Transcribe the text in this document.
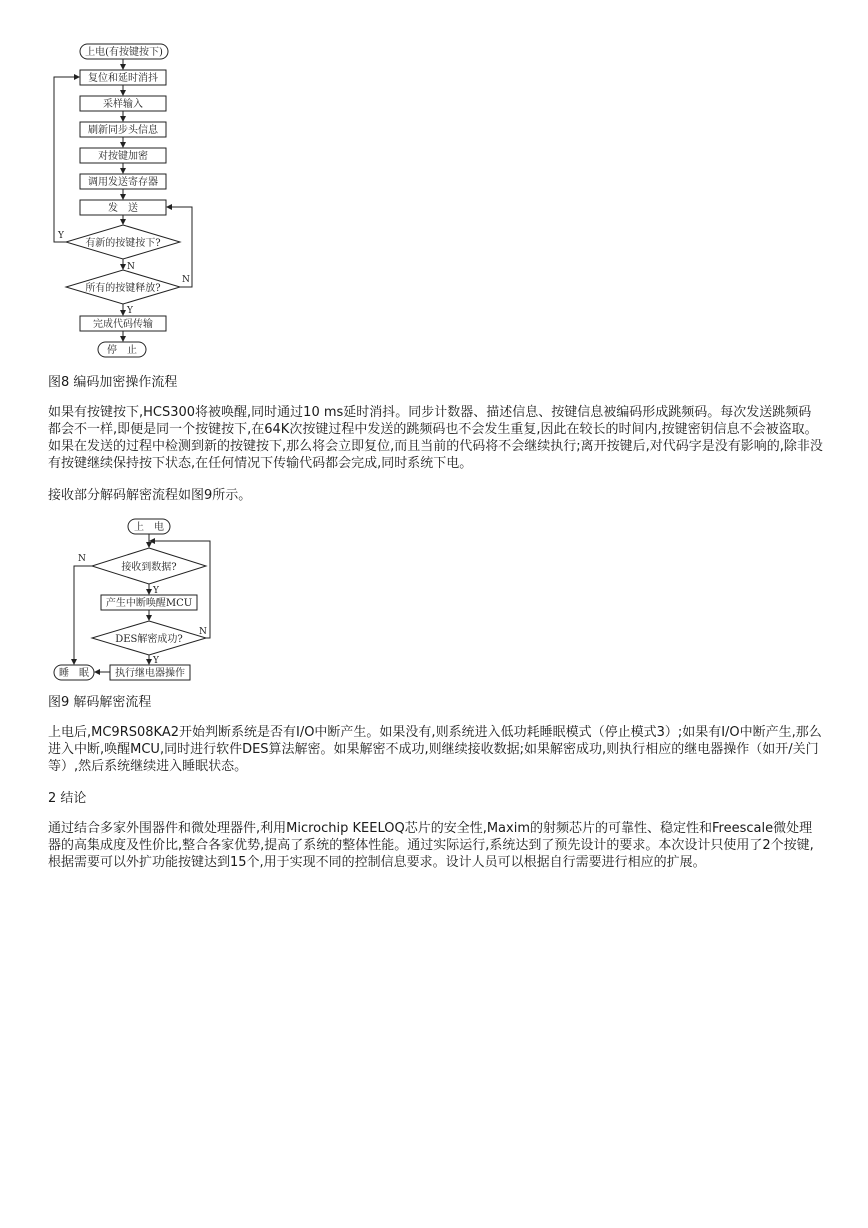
上电(有按键按下)
复位和延时消抖
采样输入
刷新同步头信息
对按键加密
调用发送寄存器
发　送
有新的按键按下?
所有的按键释放?
完成代码传输
停　止
Y
N
N
Y

图8 编码加密操作流程

如果有按键按下,HCS300将被唤醒,同时通过10 ms延时消抖。同步计数器、描述信息、按键信息被编码形成跳频码。每次发送跳频码都会不一样,即便是同一个按键按下,在64K次按键过程中发送的跳频码也不会发生重复,因此在较长的时间内,按键密钥信息不会被盗取。如果在发送的过程中检测到新的按键按下,那么将会立即复位,而且当前的代码将不会继续执行;离开按键后,对代码字是没有影响的,除非没有按键继续保持按下状态,在任何情况下传输代码都会完成,同时系统下电。

接收部分解码解密流程如图9所示。

上　电
接收到数据?
产生中断唤醒MCU
DES解密成功?
执行继电器操作
睡　眠
N
Y
N
Y

图9 解码解密流程

上电后,MC9RS08KA2开始判断系统是否有I/O中断产生。如果没有,则系统进入低功耗睡眠模式（停止模式3）;如果有I/O中断产生,那么进入中断,唤醒MCU,同时进行软件DES算法解密。如果解密不成功,则继续接收数据;如果解密成功,则执行相应的继电器操作（如开/关门等）,然后系统继续进入睡眠状态。

2 结论

通过结合多家外围器件和微处理器件,利用Microchip KEELOQ芯片的安全性,Maxim的射频芯片的可靠性、稳定性和Freescale微处理器的高集成度及性价比,整合各家优势,提高了系统的整体性能。通过实际运行,系统达到了预先设计的要求。本次设计只使用了2个按键,根据需要可以外扩功能按键达到15个,用于实现不同的控制信息要求。设计人员可以根据自行需要进行相应的扩展。
